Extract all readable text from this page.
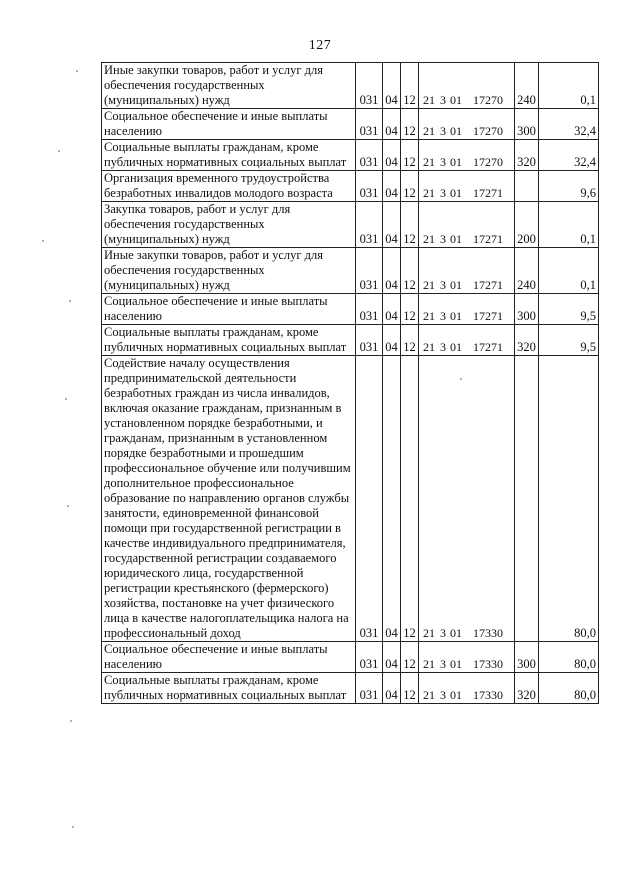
127
Иные закупки товаров, работ и услуг для обеспечения государственных (муниципальных) нужд	031	04	12	21 3 01 17270	240	0,1
Социальное обеспечение и иные выплаты населению	031	04	12	21 3 01 17270	300	32,4
Социальные выплаты гражданам, кроме публичных нормативных социальных выплат	031	04	12	21 3 01 17270	320	32,4
Организация временного трудоустройства безработных инвалидов молодого возраста	031	04	12	21 3 01 17271		9,6
Закупка товаров, работ и услуг для обеспечения государственных (муниципальных) нужд	031	04	12	21 3 01 17271	200	0,1
Иные закупки товаров, работ и услуг для обеспечения государственных (муниципальных) нужд	031	04	12	21 3 01 17271	240	0,1
Социальное обеспечение и иные выплаты населению	031	04	12	21 3 01 17271	300	9,5
Социальные выплаты гражданам, кроме публичных нормативных социальных выплат	031	04	12	21 3 01 17271	320	9,5
Содействие началу осуществления предпринимательской деятельности безработных граждан из числа инвалидов, включая оказание гражданам, признанным в установленном порядке безработными, и гражданам, признанным в установленном порядке безработными и прошедшим профессиональное обучение или получившим дополнительное профессиональное образование по направлению органов службы занятости, единовременной финансовой помощи при государственной регистрации в качестве индивидуального предпринимателя, государственной регистрации создаваемого юридического лица, государственной регистрации крестьянского (фермерского) хозяйства, постановке на учет физического лица в качестве налогоплательщика налога на профессиональный доход	031	04	12	21 3 01 17330		80,0
Социальное обеспечение и иные выплаты населению	031	04	12	21 3 01 17330	300	80,0
Социальные выплаты гражданам, кроме публичных нормативных социальных выплат	031	04	12	21 3 01 17330	320	80,0
